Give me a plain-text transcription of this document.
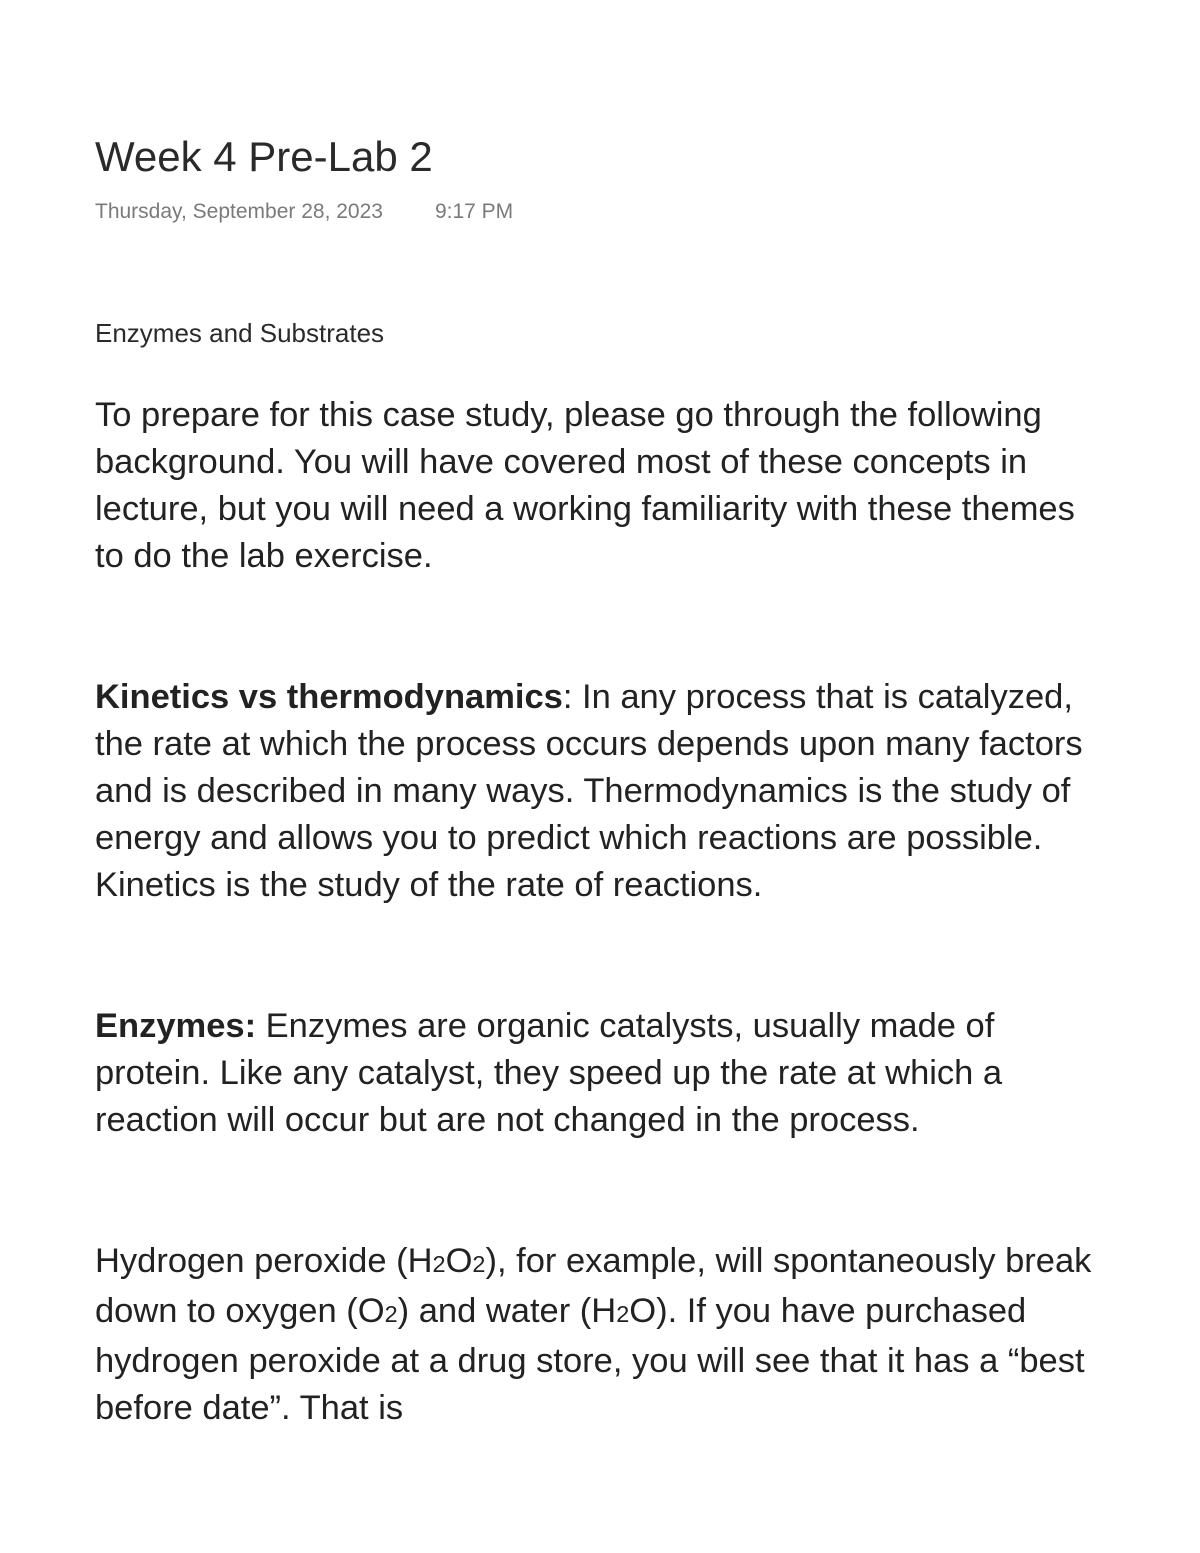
Week 4 Pre-Lab 2
Thursday, September 28, 2023 9:17 PM
Enzymes and Substrates

To prepare for this case study, please go through the following background. You will have covered most of these concepts in lecture, but you will need a working familiarity with these themes to do the lab exercise.

Kinetics vs thermodynamics: In any process that is catalyzed, the rate at which the process occurs depends upon many factors and is described in many ways. Thermodynamics is the study of energy and allows you to predict which reactions are possible. Kinetics is the study of the rate of reactions.

Enzymes: Enzymes are organic catalysts, usually made of protein. Like any catalyst, they speed up the rate at which a reaction will occur but are not changed in the process.

Hydrogen peroxide (H2O2), for example, will spontaneously break down to oxygen (O2) and water (H2O). If you have purchased hydrogen peroxide at a drug store, you will see that it has a “best before date”. That is
